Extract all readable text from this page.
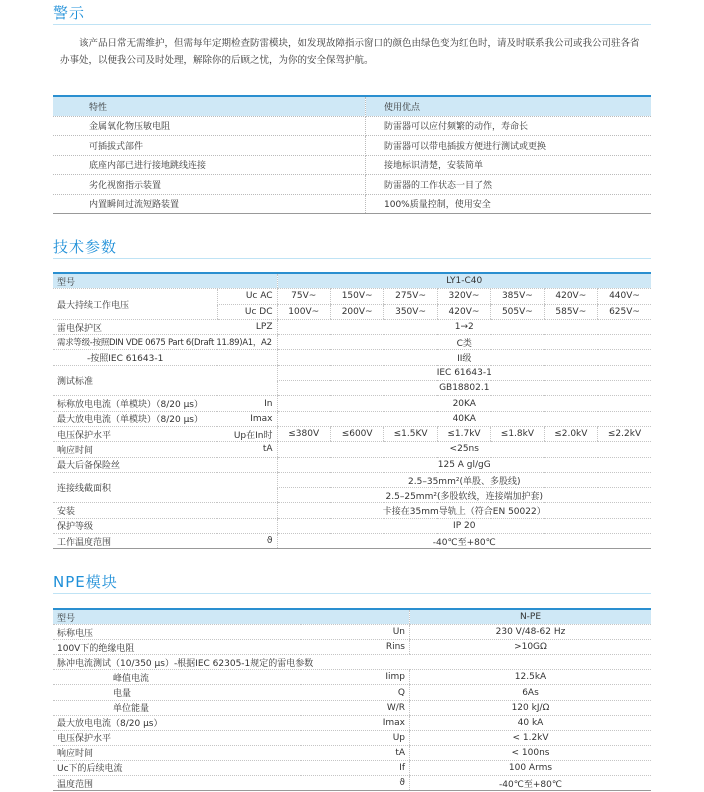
警示
该产品日常无需维护，但需每年定期检查防雷模块，如发现故障指示窗口的颜色由绿色变为红色时，请及时联系我公司或我公司驻各省办事处，以便我公司及时处理，解除你的后顾之忧，为你的安全保驾护航。
特性	使用优点
金属氧化物压敏电阻	防雷器可以应付频繁的动作，寿命长
可插拔式部件	防雷器可以带电插拔方便进行测试或更换
底座内部已进行接地跳线连接	接地标识清楚，安装简单
劣化视窗指示装置	防雷器的工作状态一目了然
内置瞬间过流短路装置	100%质量控制，使用安全
技术参数
型号		LY1-C40						
最大持续工作电压	Uc AC	75V~	150V~	275V~	320V~	385V~	420V~	440V~
	Uc DC	100V~	200V~	350V~	420V~	505V~	585V~	625V~
雷电保护区	LPZ	1→2						
需求等级-按照DIN VDE 0675 Part 6(Draft 11.89)A1，A2		C类						
-按照IEC 61643-1		II级						
测试标准		IEC 61643-1						
		GB18802.1						
标称放电电流（单模块）（8/20 μs）	In	20KA						
最大放电电流（单模块）（8/20 μs）	Imax	40KA						
电压保护水平	Up在In时	≤380V	≤600V	≤1.5KV	≤1.7kV	≤1.8kV	≤2.0kV	≤2.2kV
响应时间	tA	<25ns						
最大后备保险丝		125 A gl/gG						
连接线截面积		2.5–35mm²(单股、多股线)						
		2.5–25mm²(多股软线，连接端加护套)						
安装		卡接在35mm导轨上（符合EN 50022）						
保护等级		IP 20						
工作温度范围	ϑ	-40℃至+80℃						
NPE模块
型号		N-PE
标称电压	Un	230 V/48-62 Hz
100V下的绝缘电阻	Rins	>10GΩ
脉冲电流测试（10/350 μs）-根据IEC 62305-1规定的雷电参数		
峰值电流	Iimp	12.5kA
电量	Q	6As
单位能量	W/R	120 kJ/Ω
最大放电电流（8/20 μs）	Imax	40 kA
电压保护水平	Up	< 1.2kV
响应时间	tA	< 100ns
Uc下的后续电流	If	100 Arms
温度范围	ϑ	-40℃至+80℃
